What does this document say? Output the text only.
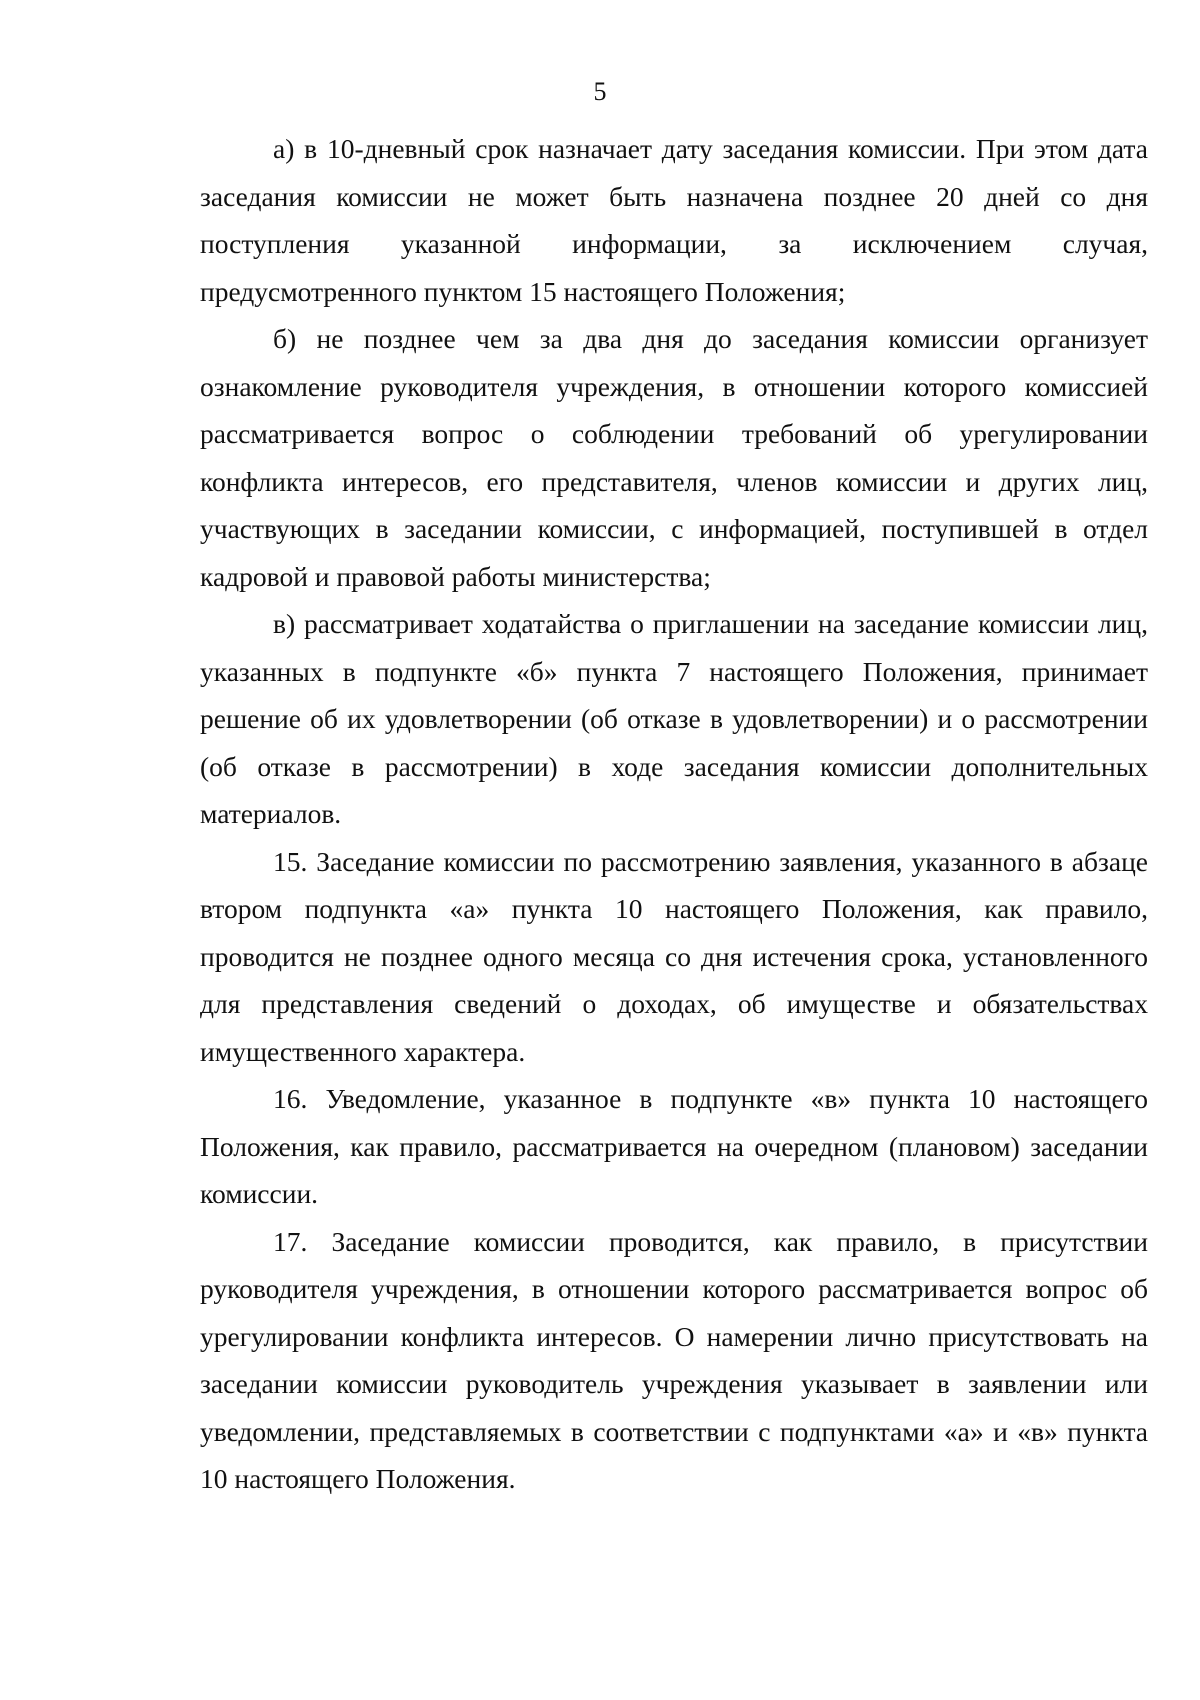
5

а) в 10-дневный срок назначает дату заседания комиссии. При этом дата заседания комиссии не может быть назначена позднее 20 дней со дня поступления указанной информации, за исключением случая, предусмотренного пунктом 15 настоящего Положения;

б) не позднее чем за два дня до заседания комиссии организует ознакомление руководителя учреждения, в отношении которого комиссией рассматривается вопрос о соблюдении требований об урегулировании конфликта интересов, его представителя, членов комиссии и других лиц, участвующих в заседании комиссии, с информацией, поступившей в отдел кадровой и правовой работы министерства;

в) рассматривает ходатайства о приглашении на заседание комиссии лиц, указанных в подпункте «б» пункта 7 настоящего Положения, принимает решение об их удовлетворении (об отказе в удовлетворении) и о рассмотрении (об отказе в рассмотрении) в ходе заседания комиссии дополнительных материалов.

15. Заседание комиссии по рассмотрению заявления, указанного в абзаце втором подпункта «а» пункта 10 настоящего Положения, как правило, проводится не позднее одного месяца со дня истечения срока, установленного для представления сведений о доходах, об имуществе и обязательствах имущественного характера.

16. Уведомление, указанное в подпункте «в» пункта 10 настоящего Положения, как правило, рассматривается на очередном (плановом) заседании комиссии.

17. Заседание комиссии проводится, как правило, в присутствии руководителя учреждения, в отношении которого рассматривается вопрос об урегулировании конфликта интересов. О намерении лично присутствовать на заседании комиссии руководитель учреждения указывает в заявлении или уведомлении, представляемых в соответствии с подпунктами «а» и «в» пункта 10 настоящего Положения.
